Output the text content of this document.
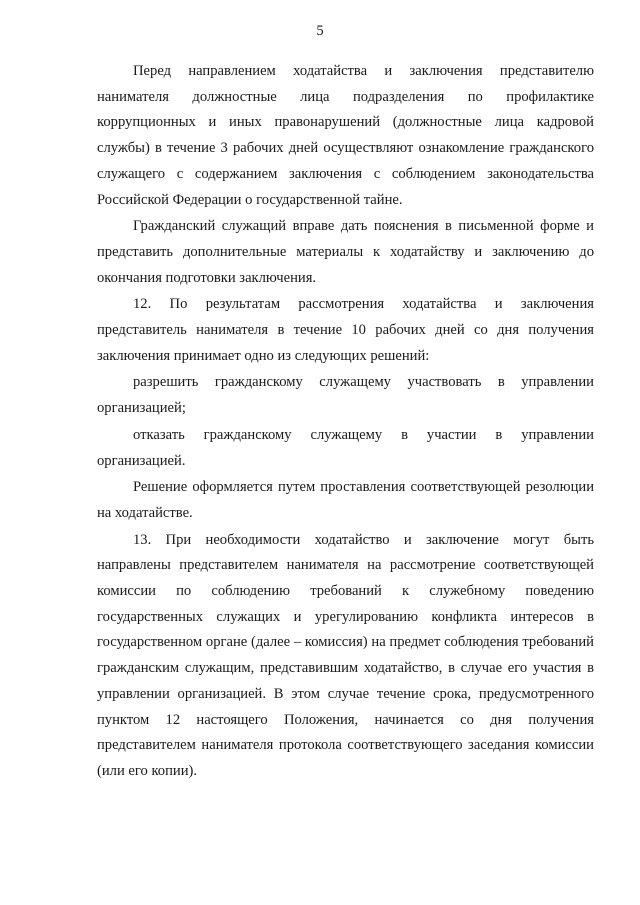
5

Перед направлением ходатайства и заключения представителю нанимателя должностные лица подразделения по профилактике коррупционных и иных правонарушений (должностные лица кадровой службы) в течение 3 рабочих дней осуществляют ознакомление гражданского служащего с содержанием заключения с соблюдением законодательства Российской Федерации о государственной тайне.

Гражданский служащий вправе дать пояснения в письменной форме и представить дополнительные материалы к ходатайству и заключению до окончания подготовки заключения.

12. По результатам рассмотрения ходатайства и заключения представитель нанимателя в течение 10 рабочих дней со дня получения заключения принимает одно из следующих решений:

разрешить гражданскому служащему участвовать в управлении организацией;

отказать гражданскому служащему в участии в управлении организацией.

Решение оформляется путем проставления соответствующей резолюции на ходатайстве.

13. При необходимости ходатайство и заключение могут быть направлены представителем нанимателя на рассмотрение соответствующей комиссии по соблюдению требований к служебному поведению государственных служащих и урегулированию конфликта интересов в государственном органе (далее – комиссия) на предмет соблюдения требований гражданским служащим, представившим ходатайство, в случае его участия в управлении организацией. В этом случае течение срока, предусмотренного пунктом 12 настоящего Положения, начинается со дня получения представителем нанимателя протокола соответствующего заседания комиссии (или его копии).
